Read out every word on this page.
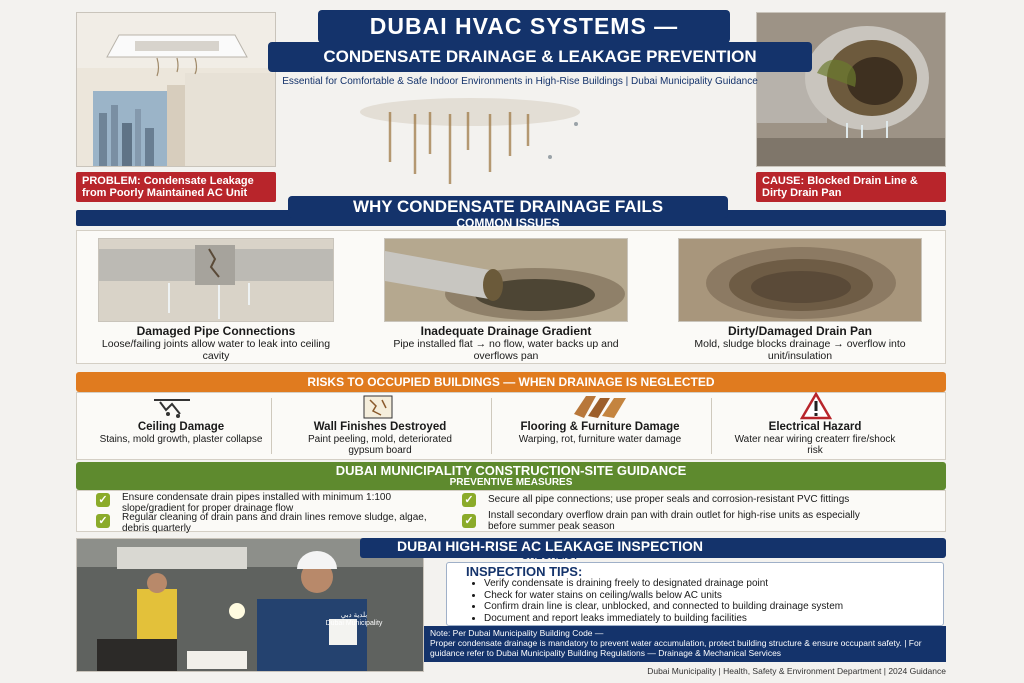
PROBLEM: Condensate Leakage from Poorly Maintained AC Unit
CAUSE: Blocked Drain Line & Dirty Drain Pan
DUBAI HVAC SYSTEMS —
CONDENSATE DRAINAGE & LEAKAGE PREVENTION
Essential for Comfortable & Safe Indoor Environments in High-Rise Buildings | Dubai Municipality Guidance
WHY CONDENSATE DRAINAGE FAILS
COMMON ISSUES
Damaged Pipe Connections
Loose/failing joints allow water to leak into ceiling cavity
Inadequate Drainage Gradient
Pipe installed flat → no flow, water backs up and overflows pan
Dirty/Damaged Drain Pan
Mold, sludge blocks drainage → overflow into unit/insulation
RISKS TO OCCUPIED BUILDINGS — WHEN DRAINAGE IS NEGLECTED
Ceiling Damage
Stains, mold growth, plaster collapse
Wall Finishes Destroyed
Paint peeling, mold, deteriorated gypsum board
Flooring & Furniture Damage
Warping, rot, furniture water damage
Electrical Hazard
Water near wiring createrr fire/shock risk
DUBAI MUNICIPALITY CONSTRUCTION-SITE GUIDANCE
PREVENTIVE MEASURES
✓ Ensure condensate drain pipes installed with minimum 1:100 slope/gradient for proper drainage flow
✓ Regular cleaning of drain pans and drain lines remove sludge, algae, debris quarterly
✓ Secure all pipe connections; use proper seals and corrosion-resistant PVC fittings
✓ Install secondary overflow drain pan with drain outlet for high-rise units as especially before summer peak season
بلدية دبي
Dubai Municipality
DUBAI HIGH-RISE AC LEAKAGE INSPECTION
CHECKLIST
INSPECTION TIPS:
• Verify condensate is draining freely to designated drainage point
• Check for water stains on ceiling/walls below AC units
• Confirm drain line is clear, unblocked, and connected to building drainage system
• Document and report leaks immediately to building facilities
Note: Per Dubai Municipality Building Code —
Proper condensate drainage is mandatory to prevent water accumulation, protect building structure & ensure occupant safety. | For guidance refer to Dubai Municipality Building Regulations — Drainage & Mechanical Services
Dubai Municipality | Health, Safety & Environment Department | 2024 Guidance
